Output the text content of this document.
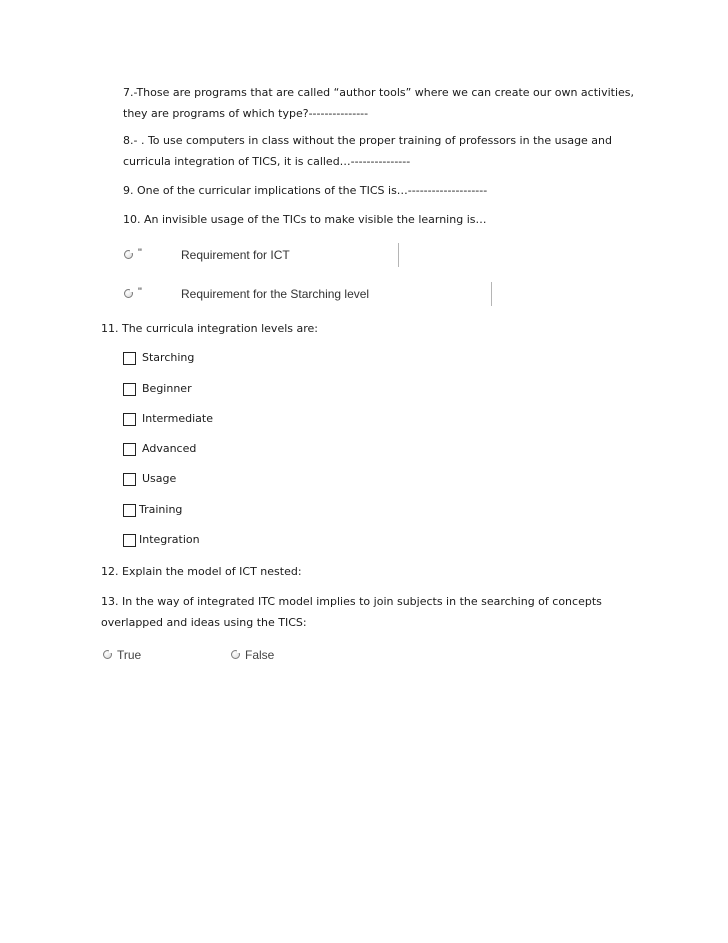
7.-Those are programs that are called “author tools” where we can create our own activities,
they are programs of which type?---------------
8.- . To use computers in class without the proper training of professors in the usage and
curricula integration of TICS, it is called…---------------
9. One of the curricular implications of the TICS is…--------------------
10. An invisible usage of the TICs to make visible the learning is…
"	Requirement for ICT
"	Requirement for the Starching level
11. The curricula integration levels are:
Starching
Beginner
Intermediate
Advanced
Usage
Training
Integration
12. Explain the model of ICT nested:
13. In the way of integrated ITC model implies to join subjects in the searching of concepts
overlapped and ideas using the TICS:
True	False
